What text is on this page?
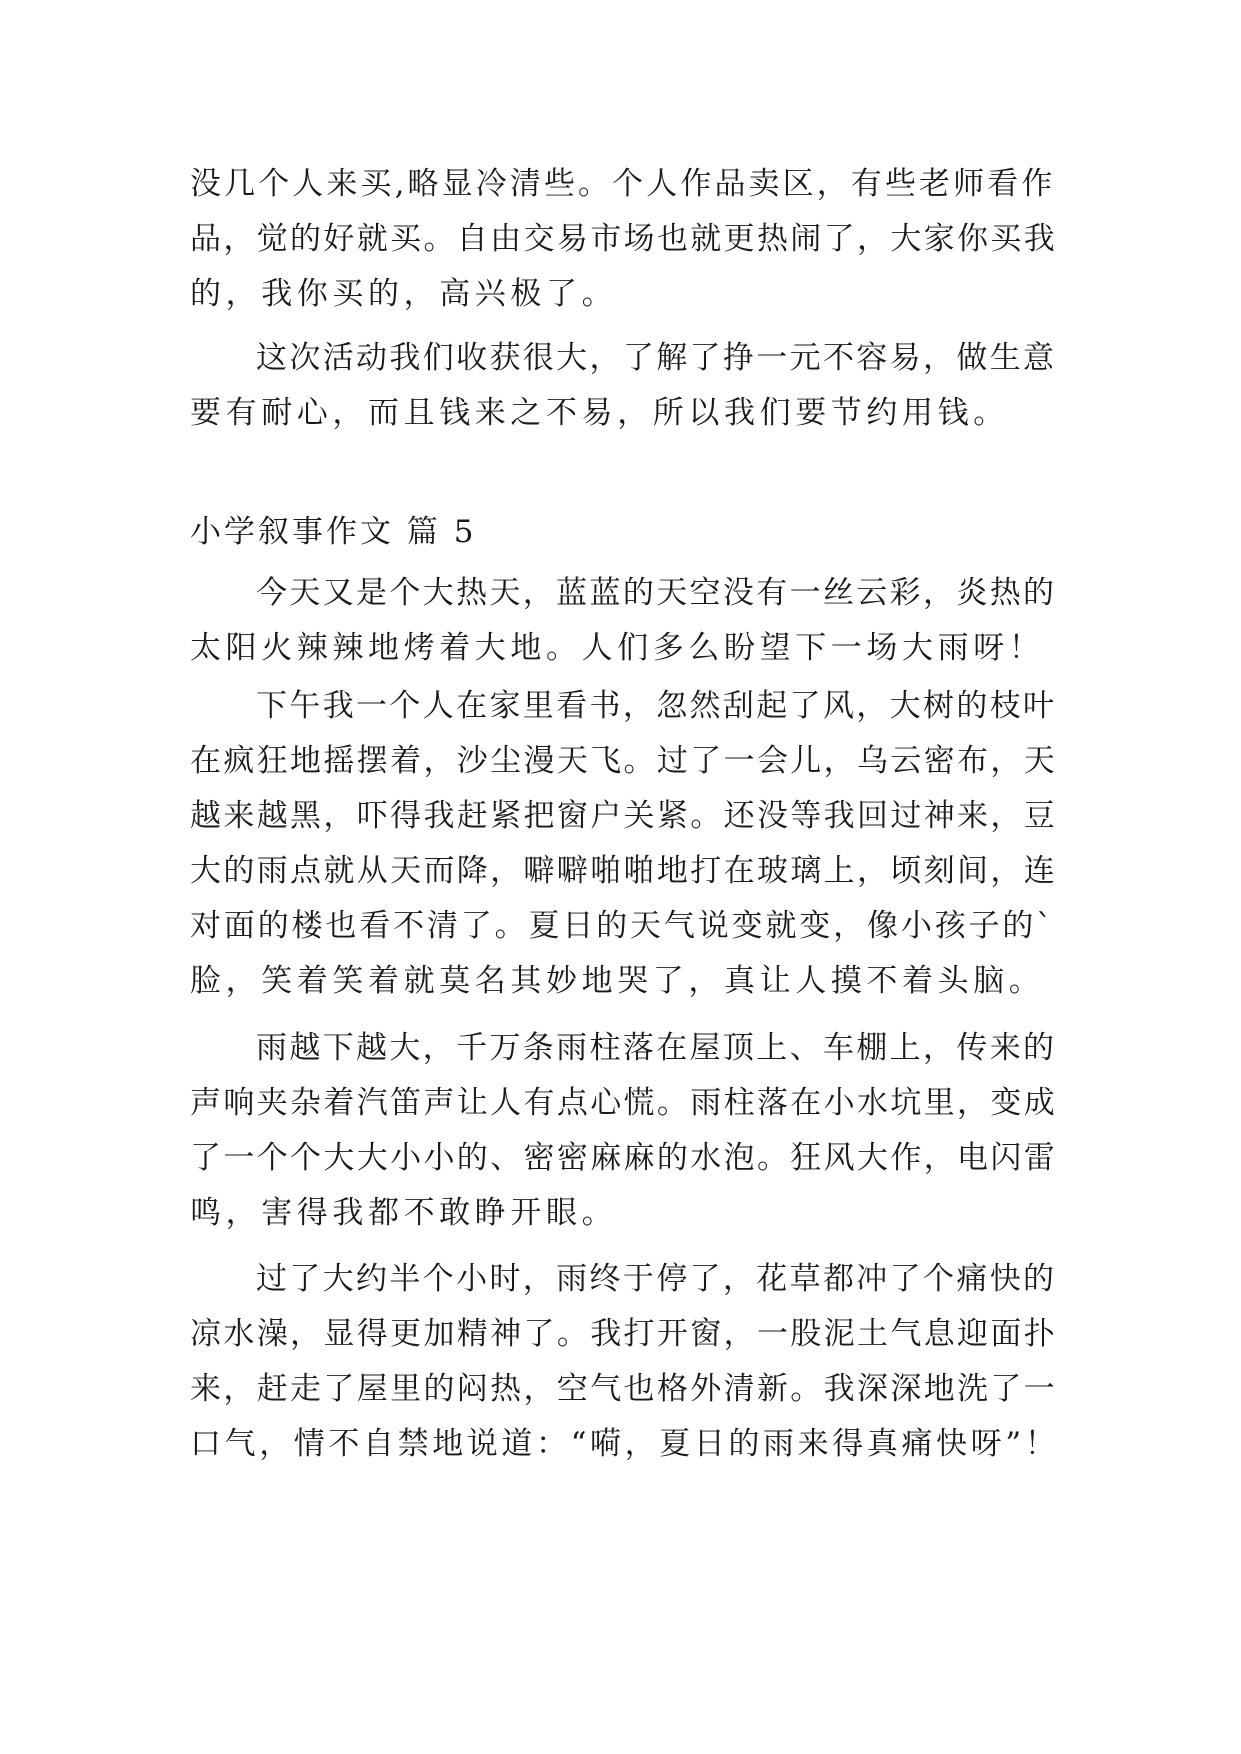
没几个人来买,略显冷清些。个人作品卖区，有些老师看作
品，觉的好就买。自由交易市场也就更热闹了，大家你买我
的，我你买的，高兴极了。
这次活动我们收获很大，了解了挣一元不容易，做生意
要有耐心，而且钱来之不易，所以我们要节约用钱。
小学叙事作文 篇 5
今天又是个大热天，蓝蓝的天空没有一丝云彩，炎热的
太阳火辣辣地烤着大地。人们多么盼望下一场大雨呀！
下午我一个人在家里看书，忽然刮起了风，大树的枝叶
在疯狂地摇摆着，沙尘漫天飞。过了一会儿，乌云密布，天
越来越黑，吓得我赶紧把窗户关紧。还没等我回过神来，豆
大的雨点就从天而降，噼噼啪啪地打在玻璃上，顷刻间，连
对面的楼也看不清了。夏日的天气说变就变，像小孩子的`
脸，笑着笑着就莫名其妙地哭了，真让人摸不着头脑。
雨越下越大，千万条雨柱落在屋顶上、车棚上，传来的
声响夹杂着汽笛声让人有点心慌。雨柱落在小水坑里，变成
了一个个大大小小的、密密麻麻的水泡。狂风大作，电闪雷
鸣，害得我都不敢睁开眼。
过了大约半个小时，雨终于停了，花草都冲了个痛快的
凉水澡，显得更加精神了。我打开窗，一股泥土气息迎面扑
来，赶走了屋里的闷热，空气也格外清新。我深深地洗了一
口气，情不自禁地说道：“嗬，夏日的雨来得真痛快呀”！
